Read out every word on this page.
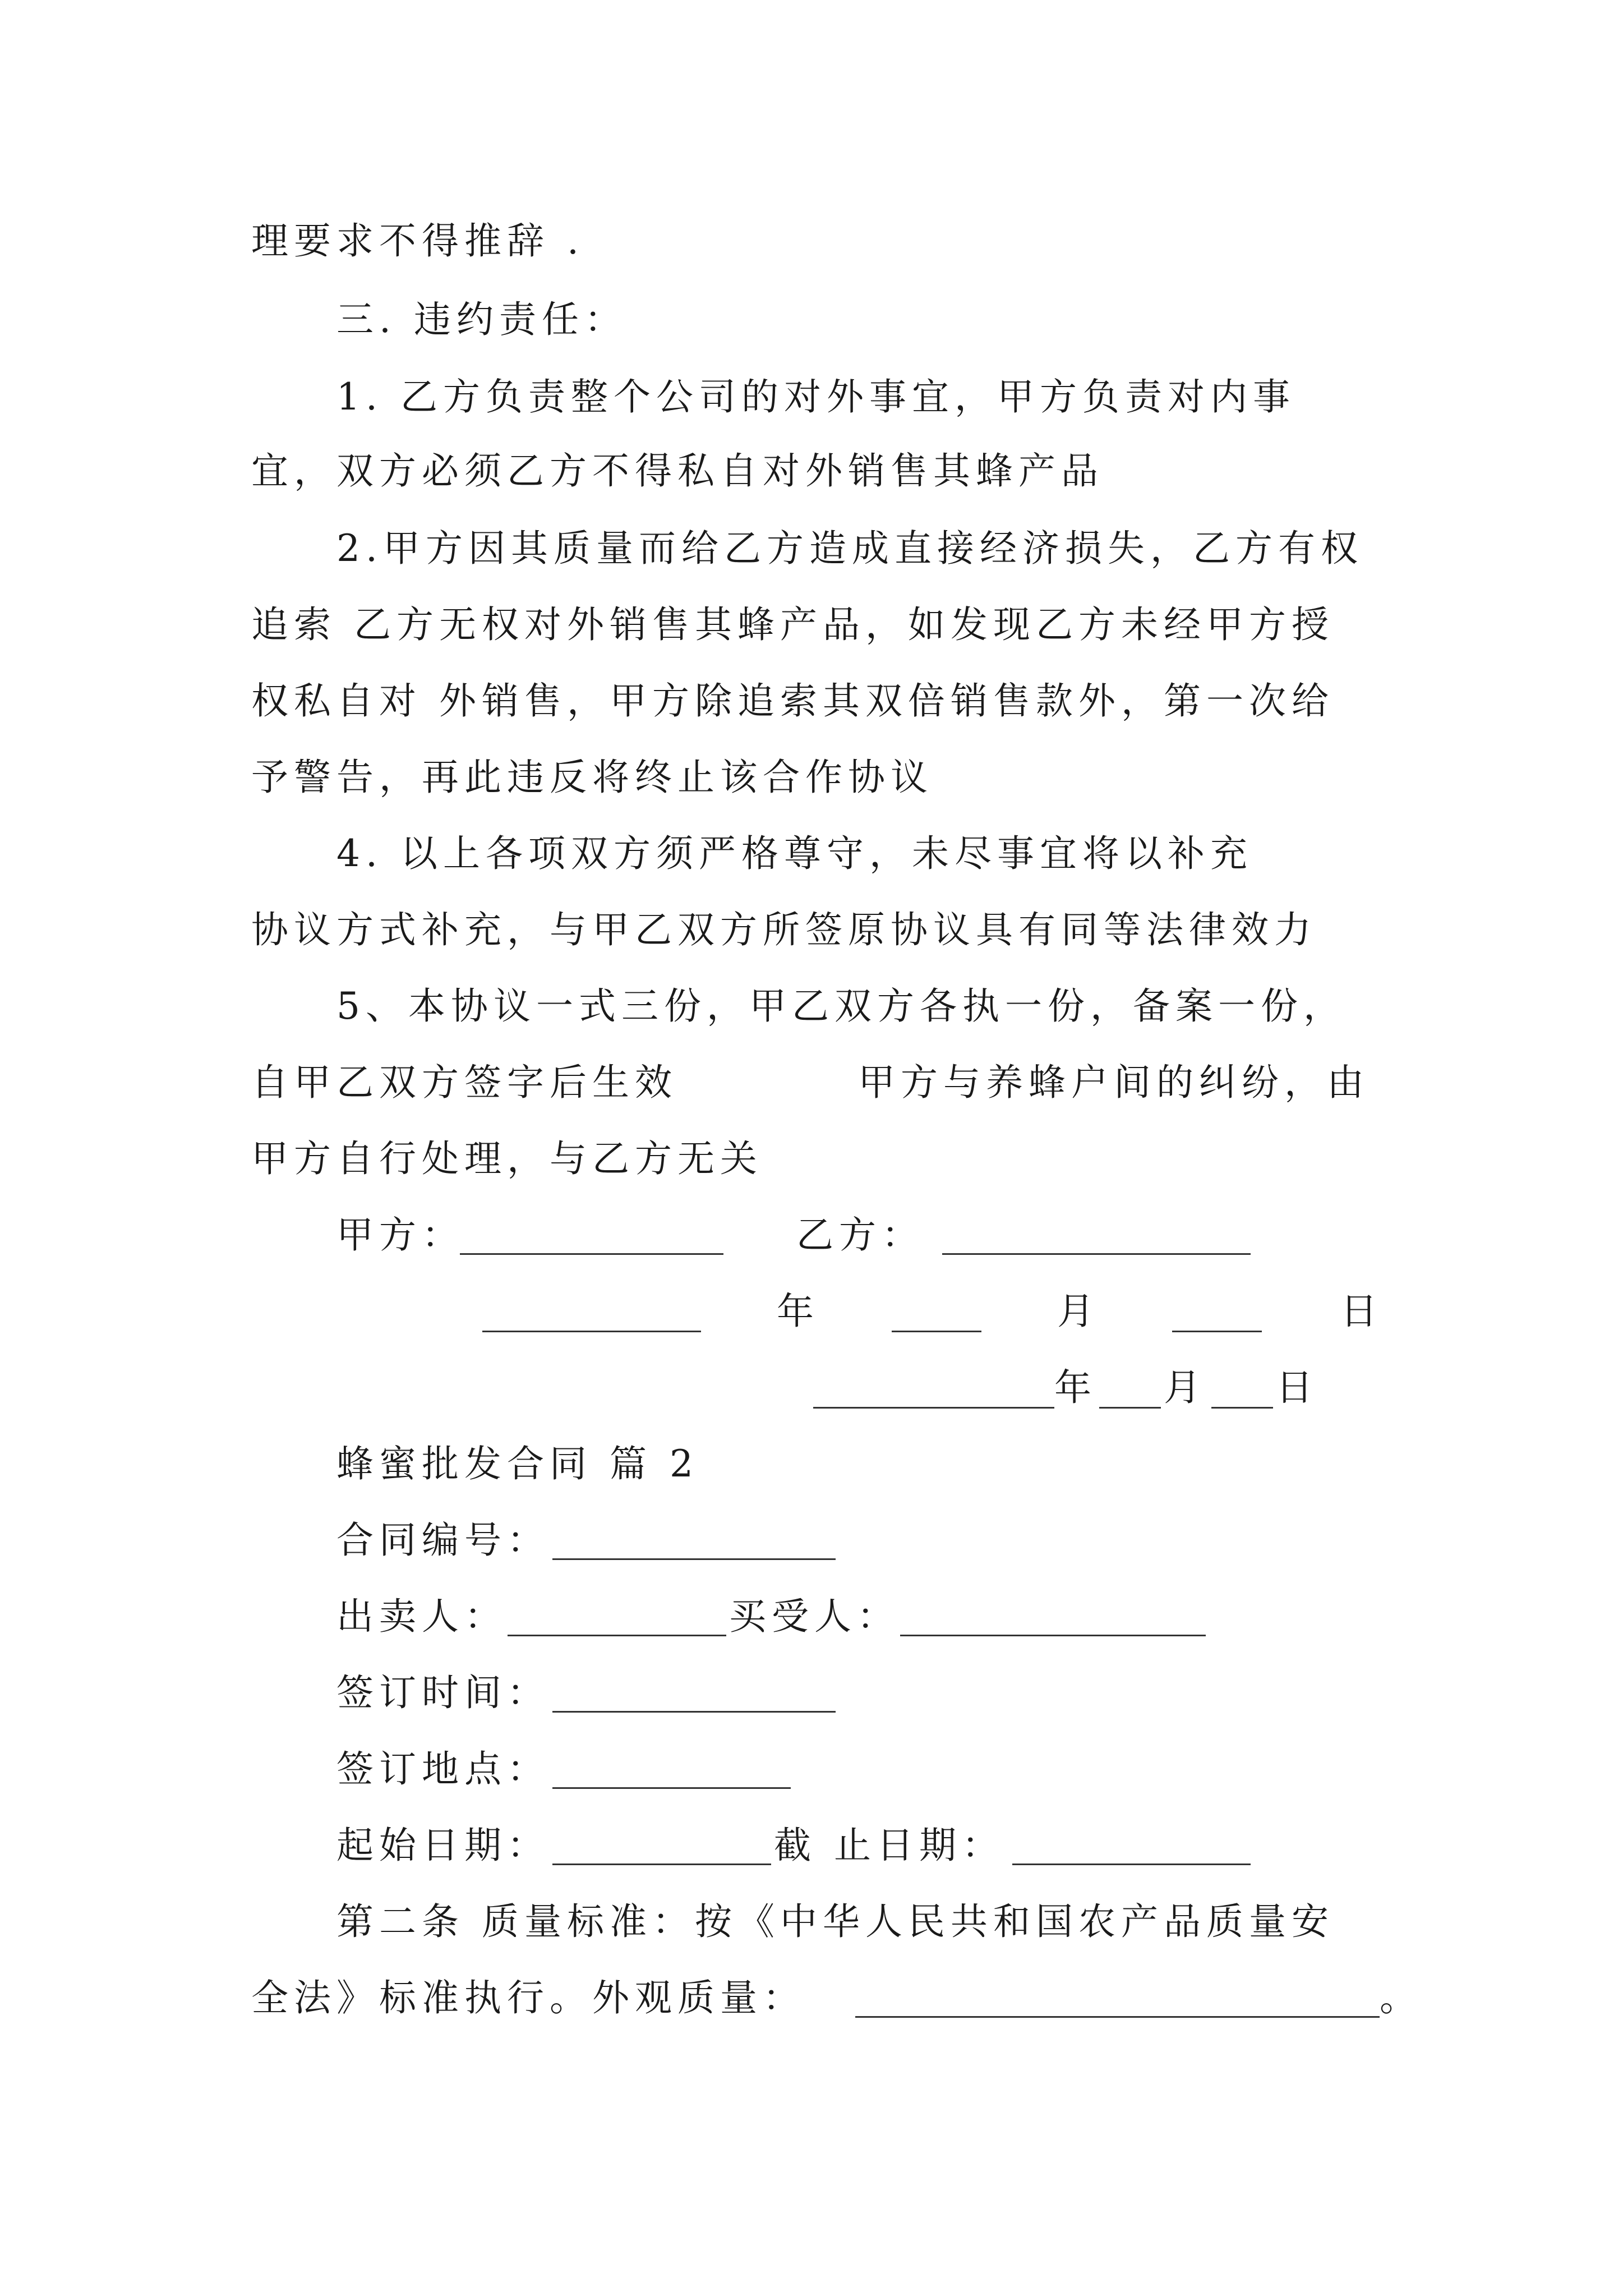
理要求不得推辞 .
三. 违约责任：
1. 乙方负责整个公司的对外事宜，甲方负责对内事
宜，双方必须乙方不得私自对外销售其蜂产品
2.甲方因其质量而给乙方造成直接经济损失，乙方有权
追索 乙方无权对外销售其蜂产品，如发现乙方未经甲方授
权私自对 外销售，甲方除追索其双倍销售款外，第一次给
予警告，再此违反将终止该合作协议
4. 以上各项双方须严格尊守，未尽事宜将以补充
协议方式补充，与甲乙双方所签原协议具有同等法律效力
5、本协议一式三份，甲乙双方各执一份，备案一份，
自甲乙双方签字后生效	甲方与养蜂户间的纠纷，由
甲方自行处理，与乙方无关
甲方：	乙方：
年	月	日
年 月 日
蜂蜜批发合同 篇 2
合同编号：
出卖人：	买受人：
签订时间：
签订地点：
起始日期：	截 止日期：
第二条 质量标准：按《中华人民共和国农产品质量安
全法》标准执行。外观质量：	。
